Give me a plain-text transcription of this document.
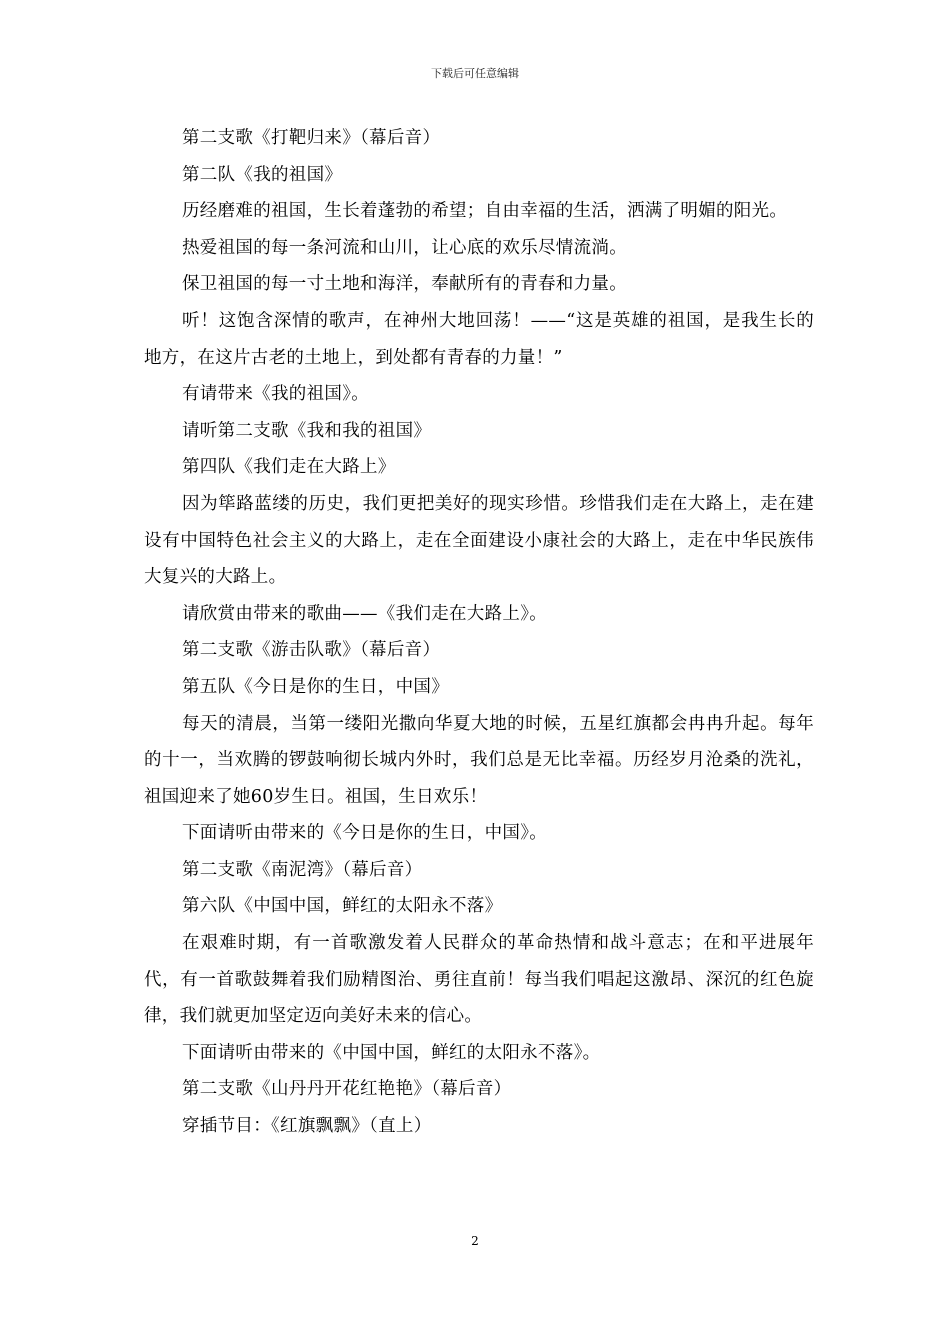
下载后可任意编辑

第二支歌《打靶归来》（幕后音）

第二队《我的祖国》

历经磨难的祖国，生长着蓬勃的希望；自由幸福的生活，洒满了明媚的阳光。

热爱祖国的每一条河流和山川，让心底的欢乐尽情流淌。

保卫祖国的每一寸土地和海洋，奉献所有的青春和力量。

听！这饱含深情的歌声，在神州大地回荡！——“这是英雄的祖国，是我生长的地方，在这片古老的土地上，到处都有青春的力量！”

有请带来《我的祖国》。

请听第二支歌《我和我的祖国》

第四队《我们走在大路上》

因为筚路蓝缕的历史，我们更把美好的现实珍惜。珍惜我们走在大路上，走在建设有中国特色社会主义的大路上，走在全面建设小康社会的大路上，走在中华民族伟大复兴的大路上。

请欣赏由带来的歌曲——《我们走在大路上》。

第二支歌《游击队歌》（幕后音）

第五队《今日是你的生日，中国》

每天的清晨，当第一缕阳光撒向华夏大地的时候，五星红旗都会冉冉升起。每年的十一，当欢腾的锣鼓响彻长城内外时，我们总是无比幸福。历经岁月沧桑的洗礼，祖国迎来了她60岁生日。祖国，生日欢乐！

下面请听由带来的《今日是你的生日，中国》。

第二支歌《南泥湾》（幕后音）

第六队《中国中国，鲜红的太阳永不落》

在艰难时期，有一首歌激发着人民群众的革命热情和战斗意志；在和平进展年代，有一首歌鼓舞着我们励精图治、勇往直前！每当我们唱起这激昂、深沉的红色旋律，我们就更加坚定迈向美好未来的信心。

下面请听由带来的《中国中国，鲜红的太阳永不落》。

第二支歌《山丹丹开花红艳艳》（幕后音）

穿插节目：《红旗飘飘》（直上）

2
